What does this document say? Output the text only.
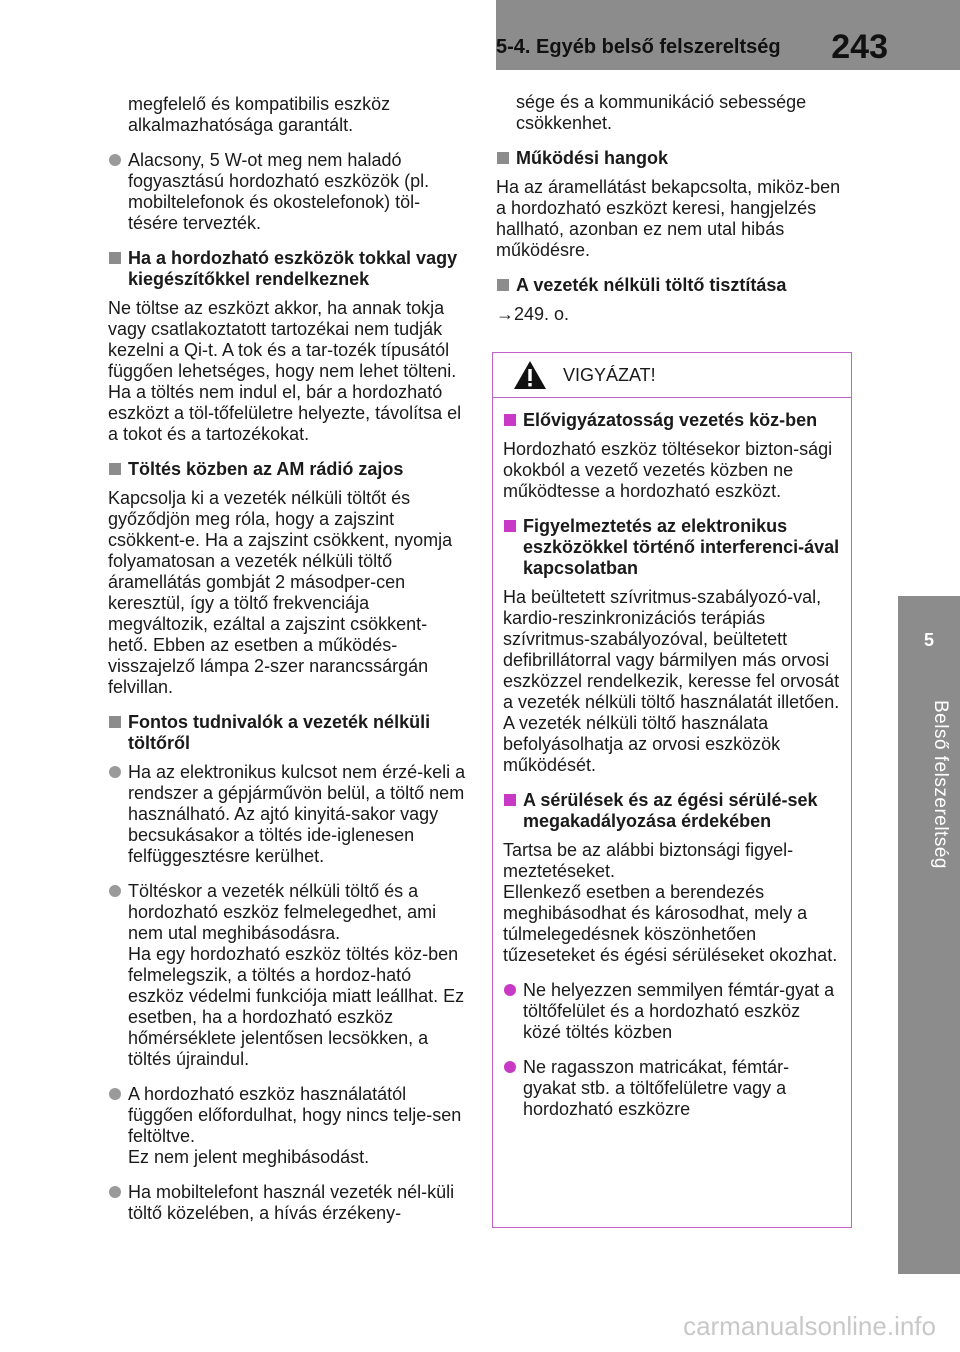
5-4. Egyéb belső felszereltség 243
5
Belső felszereltség

megfelelő és kompatibilis eszköz alkalmazhatósága garantált.

Alacsony, 5 W-ot meg nem haladó fogyasztású hordozható eszközök (pl. mobiltelefonok és okostelefonok) töl-tésére tervezték.

Ha a hordozható eszközök tokkal vagy kiegészítőkkel rendelkeznek

Ne töltse az eszközt akkor, ha annak tokja vagy csatlakoztatott tartozékai nem tudják kezelni a Qi-t. A tok és a tar-tozék típusától függően lehetséges, hogy nem lehet tölteni. Ha a töltés nem indul el, bár a hordozható eszközt a töl-tőfelületre helyezte, távolítsa el a tokot és a tartozékokat.

Töltés közben az AM rádió zajos

Kapcsolja ki a vezeték nélküli töltőt és győződjön meg róla, hogy a zajszint csökkent-e. Ha a zajszint csökkent, nyomja folyamatosan a vezeték nélküli töltő áramellátás gombját 2 másodper-cen keresztül, így a töltő frekvenciája megváltozik, ezáltal a zajszint csökkent-hető. Ebben az esetben a működés-visszajelző lámpa 2-szer narancssárgán felvillan.

Fontos tudnivalók a vezeték nélküli töltőről

Ha az elektronikus kulcsot nem érzé-keli a rendszer a gépjárművön belül, a töltő nem használható. Az ajtó kinyitá-sakor vagy becsukásakor a töltés ide-iglenesen felfüggesztésre kerülhet.

Töltéskor a vezeték nélküli töltő és a hordozható eszköz felmelegedhet, ami nem utal meghibásodásra.
Ha egy hordozható eszköz töltés köz-ben felmelegszik, a töltés a hordoz-ható eszköz védelmi funkciója miatt leállhat. Ez esetben, ha a hordozható eszköz hőmérséklete jelentősen lecsökken, a töltés újraindul.

A hordozható eszköz használatától függően előfordulhat, hogy nincs telje-sen feltöltve.
Ez nem jelent meghibásodást.

Ha mobiltelefont használ vezeték nél-küli töltő közelében, a hívás érzékeny-

sége és a kommunikáció sebessége csökkenhet.

Működési hangok

Ha az áramellátást bekapcsolta, miköz-ben a hordozható eszközt keresi, hangjelzés hallható, azonban ez nem utal hibás működésre.

A vezeték nélküli töltő tisztítása

→249. o.

VIGYÁZAT!
Elővigyázatosság vezetés köz-ben

Hordozható eszköz töltésekor bizton-sági okokból a vezető vezetés közben ne működtesse a hordozható eszközt.

Figyelmeztetés az elektronikus eszközökkel történő interferenci-ával kapcsolatban

Ha beültetett szívritmus-szabályozó-val, kardio-reszinkronizációs terápiás szívritmus-szabályozóval, beültetett defibrillátorral vagy bármilyen más orvosi eszközzel rendelkezik, keresse fel orvosát a vezeték nélküli töltő használatát illetően.
A vezeték nélküli töltő használata befolyásolhatja az orvosi eszközök működését.

A sérülések és az égési sérülé-sek megakadályozása érdekében

Tartsa be az alábbi biztonsági figyel-meztetéseket.
Ellenkező esetben a berendezés meghibásodhat és károsodhat, mely a túlmelegedésnek köszönhetően tűzeseteket és égési sérüléseket okozhat.

Ne helyezzen semmilyen fémtár-gyat a töltőfelület és a hordozható eszköz közé töltés közben

Ne ragasszon matricákat, fémtár-gyakat stb. a töltőfelületre vagy a hordozható eszközre

carmanualsonline.info
